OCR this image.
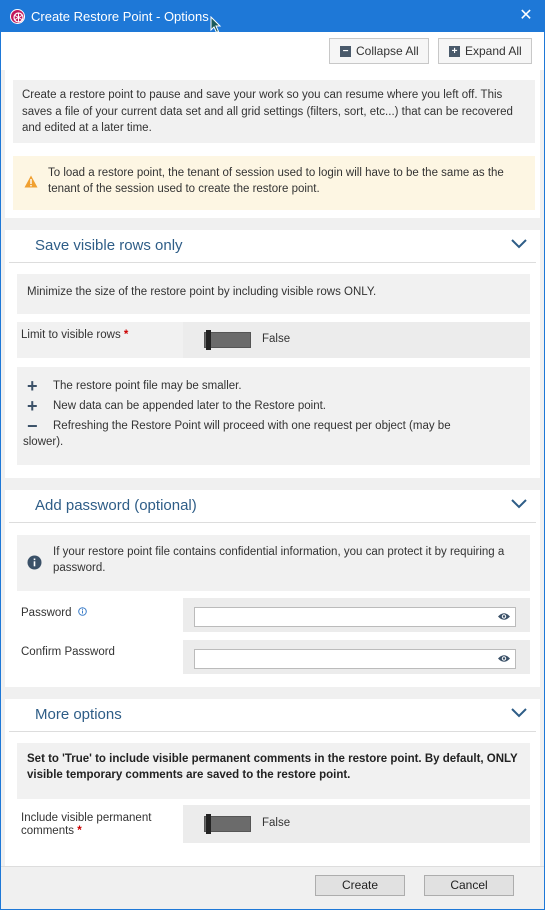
Create Restore Point - Options	✕
− Collapse All	+ Expand All
Create a restore point to pause and save your work so you can resume where you left off. This saves a file of your current data set and all grid settings (filters, sort, etc...) that can be recovered and edited at a later time.
To load a restore point, the tenant of session used to login will have to be the same as the tenant of the session used to create the restore point.
Save visible rows only
Minimize the size of the restore point by including visible rows ONLY.
Limit to visible rows *	False
+	The restore point file may be smaller.
+	New data can be appended later to the Restore point.
−	Refreshing the Restore Point will proceed with one request per object (may be
slower).
Add password (optional)
If your restore point file contains confidential information, you can protect it by requiring a password.
Password
Confirm Password
More options
Set to 'True' to include visible permanent comments in the restore point. By default, ONLY visible temporary comments are saved to the restore point.
Include visible permanent
comments *
False
Create	Cancel
